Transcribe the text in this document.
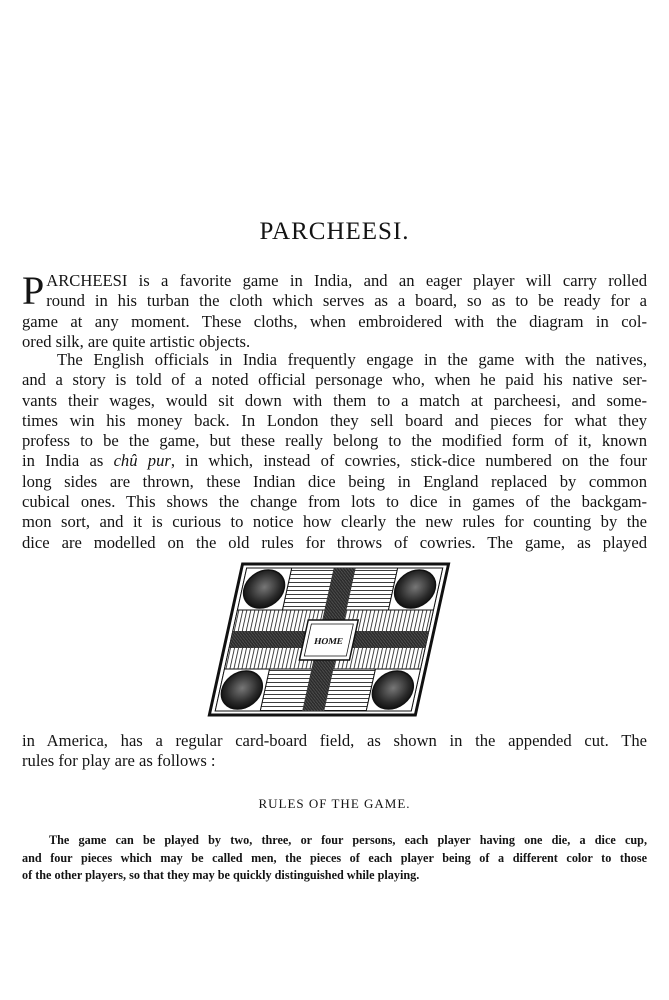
PARCHEESI.
P ARCHEESI is a favorite game in India, and an eager player will carry rolled
round in his turban the cloth which serves as a board, so as to be ready for a
game at any moment. These cloths, when embroidered with the diagram in col-
ored silk, are quite artistic objects.
The English officials in India frequently engage in the game with the natives,
and a story is told of a noted official personage who, when he paid his native ser-
vants their wages, would sit down with them to a match at parcheesi, and some-
times win his money back. In London they sell board and pieces for what they
profess to be the game, but these really belong to the modified form of it, known
in India as chû pur, in which, instead of cowries, stick-dice numbered on the four
long sides are thrown, these Indian dice being in England replaced by common
cubical ones. This shows the change from lots to dice in games of the backgam-
mon sort, and it is curious to notice how clearly the new rules for counting by the
dice are modelled on the old rules for throws of cowries. The game, as played
HOME
in America, has a regular card-board field, as shown in the appended cut. The
rules for play are as follows :
RULES OF THE GAME.
The game can be played by two, three, or four persons, each player having one die, a dice cup,
and four pieces which may be called men, the pieces of each player being of a different color to those
of the other players, so that they may be quickly distinguished while playing.
